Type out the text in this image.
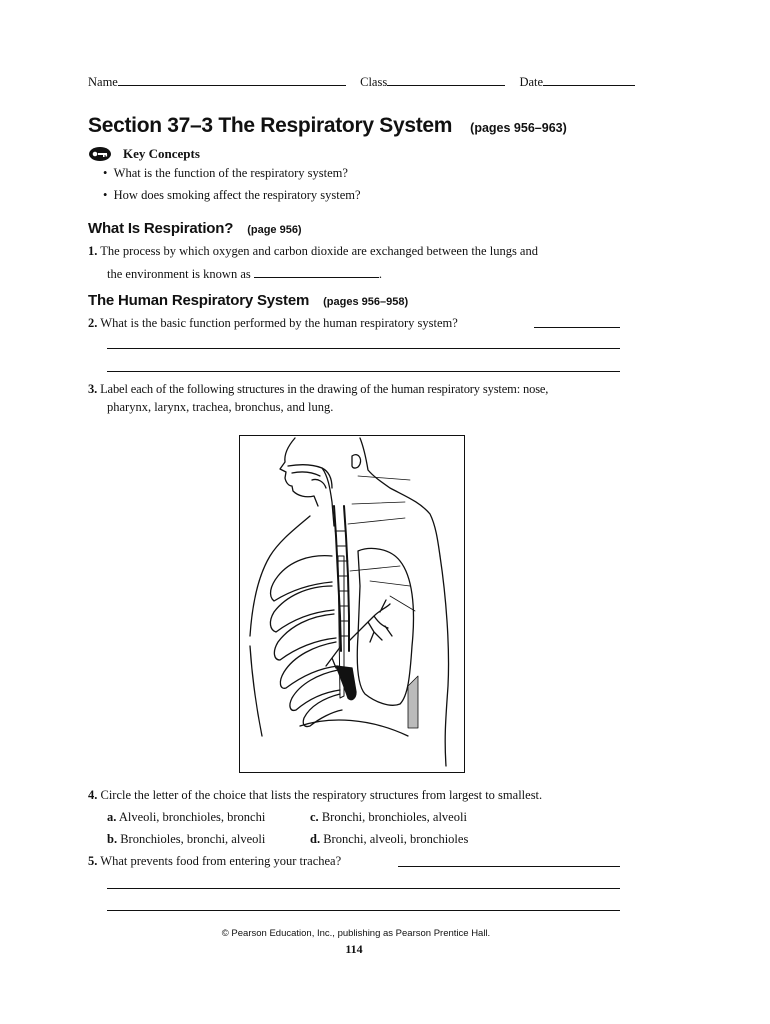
Name	Class	Date
Section 37–3 The Respiratory System (pages 956–963)
Key Concepts
•  What is the function of the respiratory system?
•  How does smoking affect the respiratory system?
What Is Respiration? (page 956)
1. The process by which oxygen and carbon dioxide are exchanged between the lungs and
the environment is known as	.
The Human Respiratory System (pages 956–958)
2. What is the basic function performed by the human respiratory system?
3. Label each of the following structures in the drawing of the human respiratory system: nose,
pharynx, larynx, trachea, bronchus, and lung.
4. Circle the letter of the choice that lists the respiratory structures from largest to smallest.
a. Alveoli, bronchioles, bronchi	c. Bronchi, bronchioles, alveoli
b. Bronchioles, bronchi, alveoli	d. Bronchi, alveoli, bronchioles
5. What prevents food from entering your trachea?
© Pearson Education, Inc., publishing as Pearson Prentice Hall.
114
